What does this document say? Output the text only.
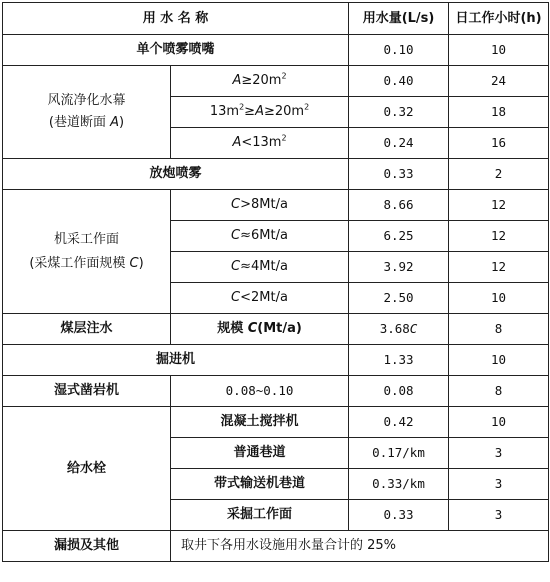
用 水 名 称		用水量(L/s)	日工作小时(h)
单个喷雾喷嘴		0.10	10

风流净化水幕
(巷道断面 A)	$A\ge 20m^2$	0.40	24
	$13m^2\ge A\ge 20m^2$	0.32	18
	$A<13m^2$	0.24	16
放炮喷雾		0.33	2

机采工作面
(采煤工作面规模 C)	C>8Mt/a	8.66	12
	C≈6Mt/a	6.25	12
	C≈4Mt/a	3.92	12
	C<2Mt/a	2.50	10
煤层注水	规模 C(Mt/a)	3.68C	8
掘进机		1.33	10
湿式凿岩机	0.08~0.10	0.08	8
给水栓	混凝土搅拌机	0.42	10
	普通巷道	0.17/km	3
	带式输送机巷道	0.33/km	3
	采掘工作面	0.33	3
漏损及其他	取井下各用水设施用水量合计的 25%		
